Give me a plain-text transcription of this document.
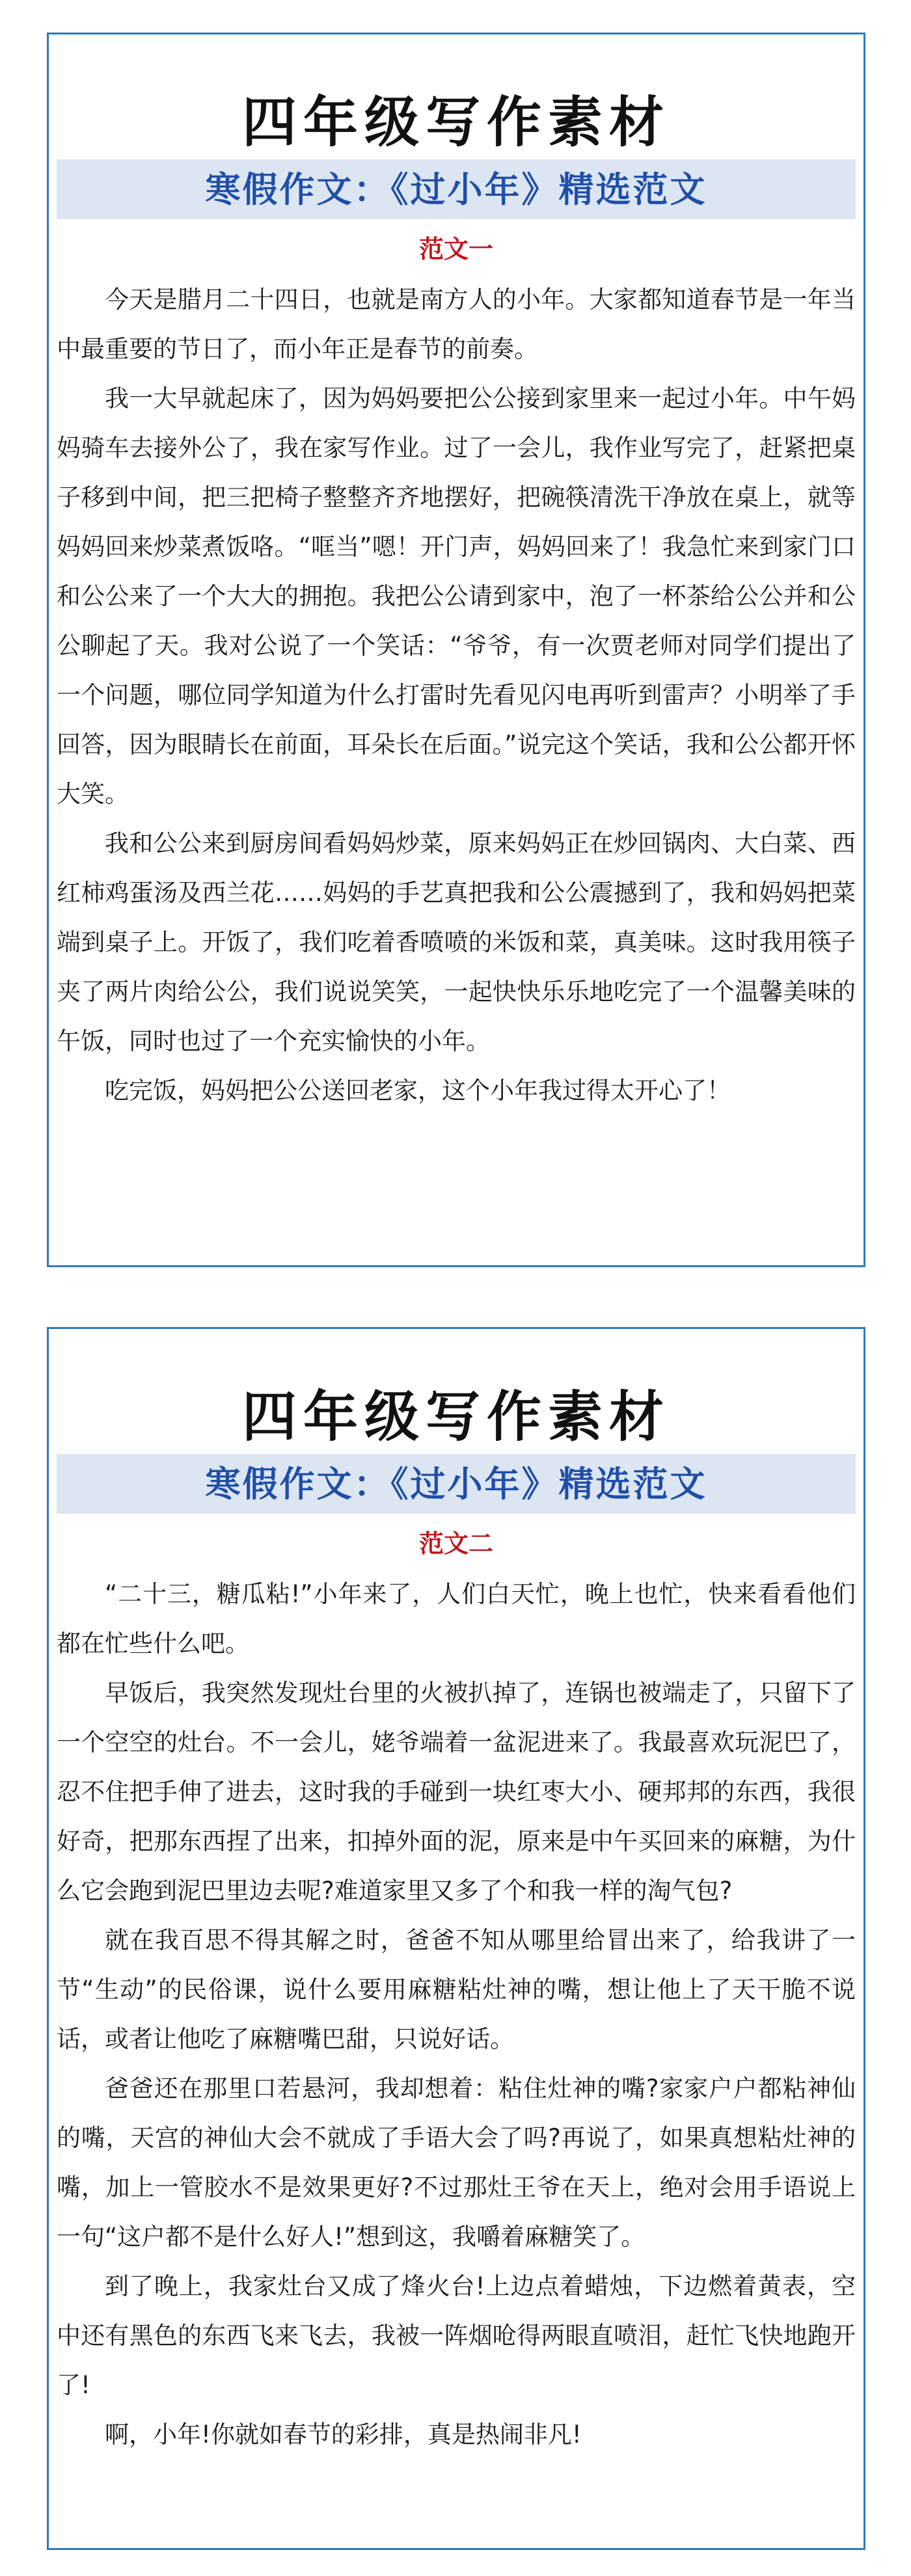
四年级写作素材
寒假作文：《过小年》精选范文
范文一

今天是腊月二十四日，也就是南方人的小年。大家都知道春节是一年当中最重要的节日了，而小年正是春节的前奏。

我一大早就起床了，因为妈妈要把公公接到家里来一起过小年。中午妈妈骑车去接外公了，我在家写作业。过了一会儿，我作业写完了，赶紧把桌子移到中间，把三把椅子整整齐齐地摆好，把碗筷清洗干净放在桌上，就等妈妈回来炒菜煮饭咯。“哐当”嗯！开门声，妈妈回来了！我急忙来到家门口和公公来了一个大大的拥抱。我把公公请到家中，泡了一杯茶给公公并和公公聊起了天。我对公说了一个笑话：“爷爷，有一次贾老师对同学们提出了一个问题，哪位同学知道为什么打雷时先看见闪电再听到雷声？小明举了手回答，因为眼睛长在前面，耳朵长在后面。”说完这个笑话，我和公公都开怀大笑。

我和公公来到厨房间看妈妈炒菜，原来妈妈正在炒回锅肉、大白菜、西红柿鸡蛋汤及西兰花……妈妈的手艺真把我和公公震撼到了，我和妈妈把菜端到桌子上。开饭了，我们吃着香喷喷的米饭和菜，真美味。这时我用筷子夹了两片肉给公公，我们说说笑笑，一起快快乐乐地吃完了一个温馨美味的午饭，同时也过了一个充实愉快的小年。

吃完饭，妈妈把公公送回老家，这个小年我过得太开心了！

四年级写作素材
寒假作文：《过小年》精选范文
范文二

“二十三，糖瓜粘!”小年来了，人们白天忙，晚上也忙，快来看看他们都在忙些什么吧。

早饭后，我突然发现灶台里的火被扒掉了，连锅也被端走了，只留下了一个空空的灶台。不一会儿，姥爷端着一盆泥进来了。我最喜欢玩泥巴了，忍不住把手伸了进去，这时我的手碰到一块红枣大小、硬邦邦的东西，我很好奇，把那东西捏了出来，扣掉外面的泥，原来是中午买回来的麻糖，为什么它会跑到泥巴里边去呢?难道家里又多了个和我一样的淘气包?

就在我百思不得其解之时，爸爸不知从哪里给冒出来了，给我讲了一节“生动”的民俗课，说什么要用麻糖粘灶神的嘴，想让他上了天干脆不说话，或者让他吃了麻糖嘴巴甜，只说好话。

爸爸还在那里口若悬河，我却想着：粘住灶神的嘴?家家户户都粘神仙的嘴，天宫的神仙大会不就成了手语大会了吗?再说了，如果真想粘灶神的嘴，加上一管胶水不是效果更好?不过那灶王爷在天上，绝对会用手语说上一句“这户都不是什么好人!”想到这，我嚼着麻糖笑了。

到了晚上，我家灶台又成了烽火台!上边点着蜡烛，下边燃着黄表，空中还有黑色的东西飞来飞去，我被一阵烟呛得两眼直喷泪，赶忙飞快地跑开了!

啊，小年!你就如春节的彩排，真是热闹非凡!
